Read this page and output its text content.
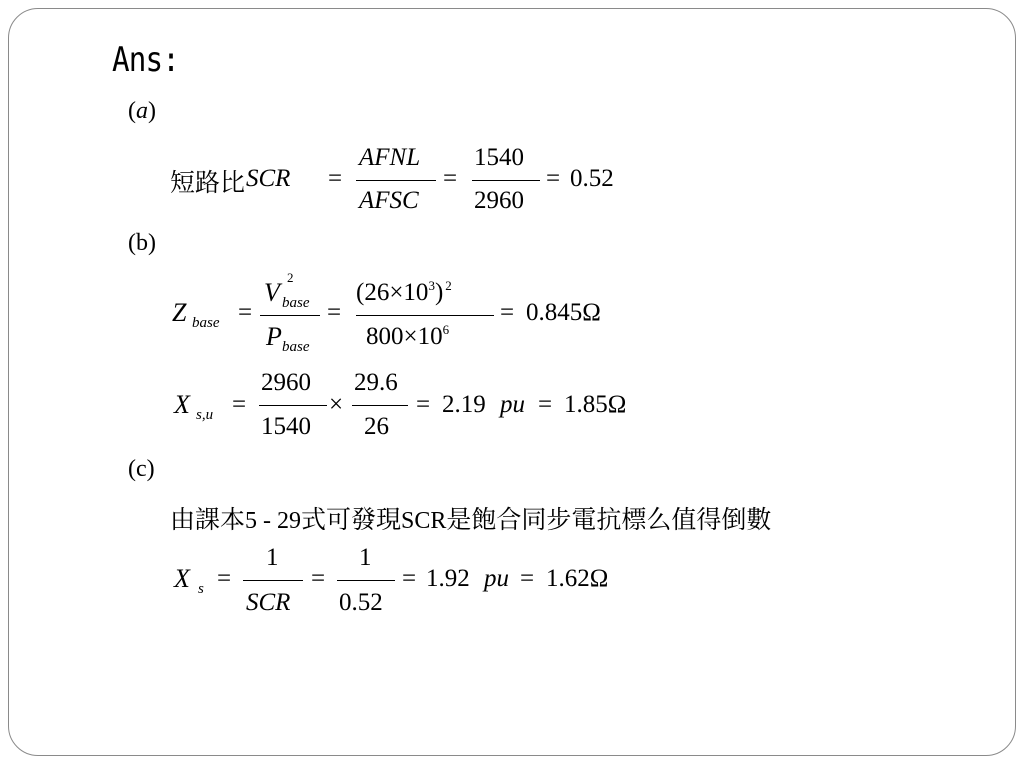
Ans:
(a)
短路比 SCR =
AFNL
AFSC
=
1540
2960
= 0.52
(b)
Z base =
V
2
base
P base
=
$(26\times 10^3)$ $^2$
$800\times 10^6$
= 0.845Ω
X s,u =
2960
1540
×
29.6
26
= 2.19 pu = 1.85Ω
(c)
由課本5 - 29式可發現SCR是飽合同步電抗標么值得倒數
X s =
1
SCR
=
1
0.52
= 1.92 pu = 1.62Ω
